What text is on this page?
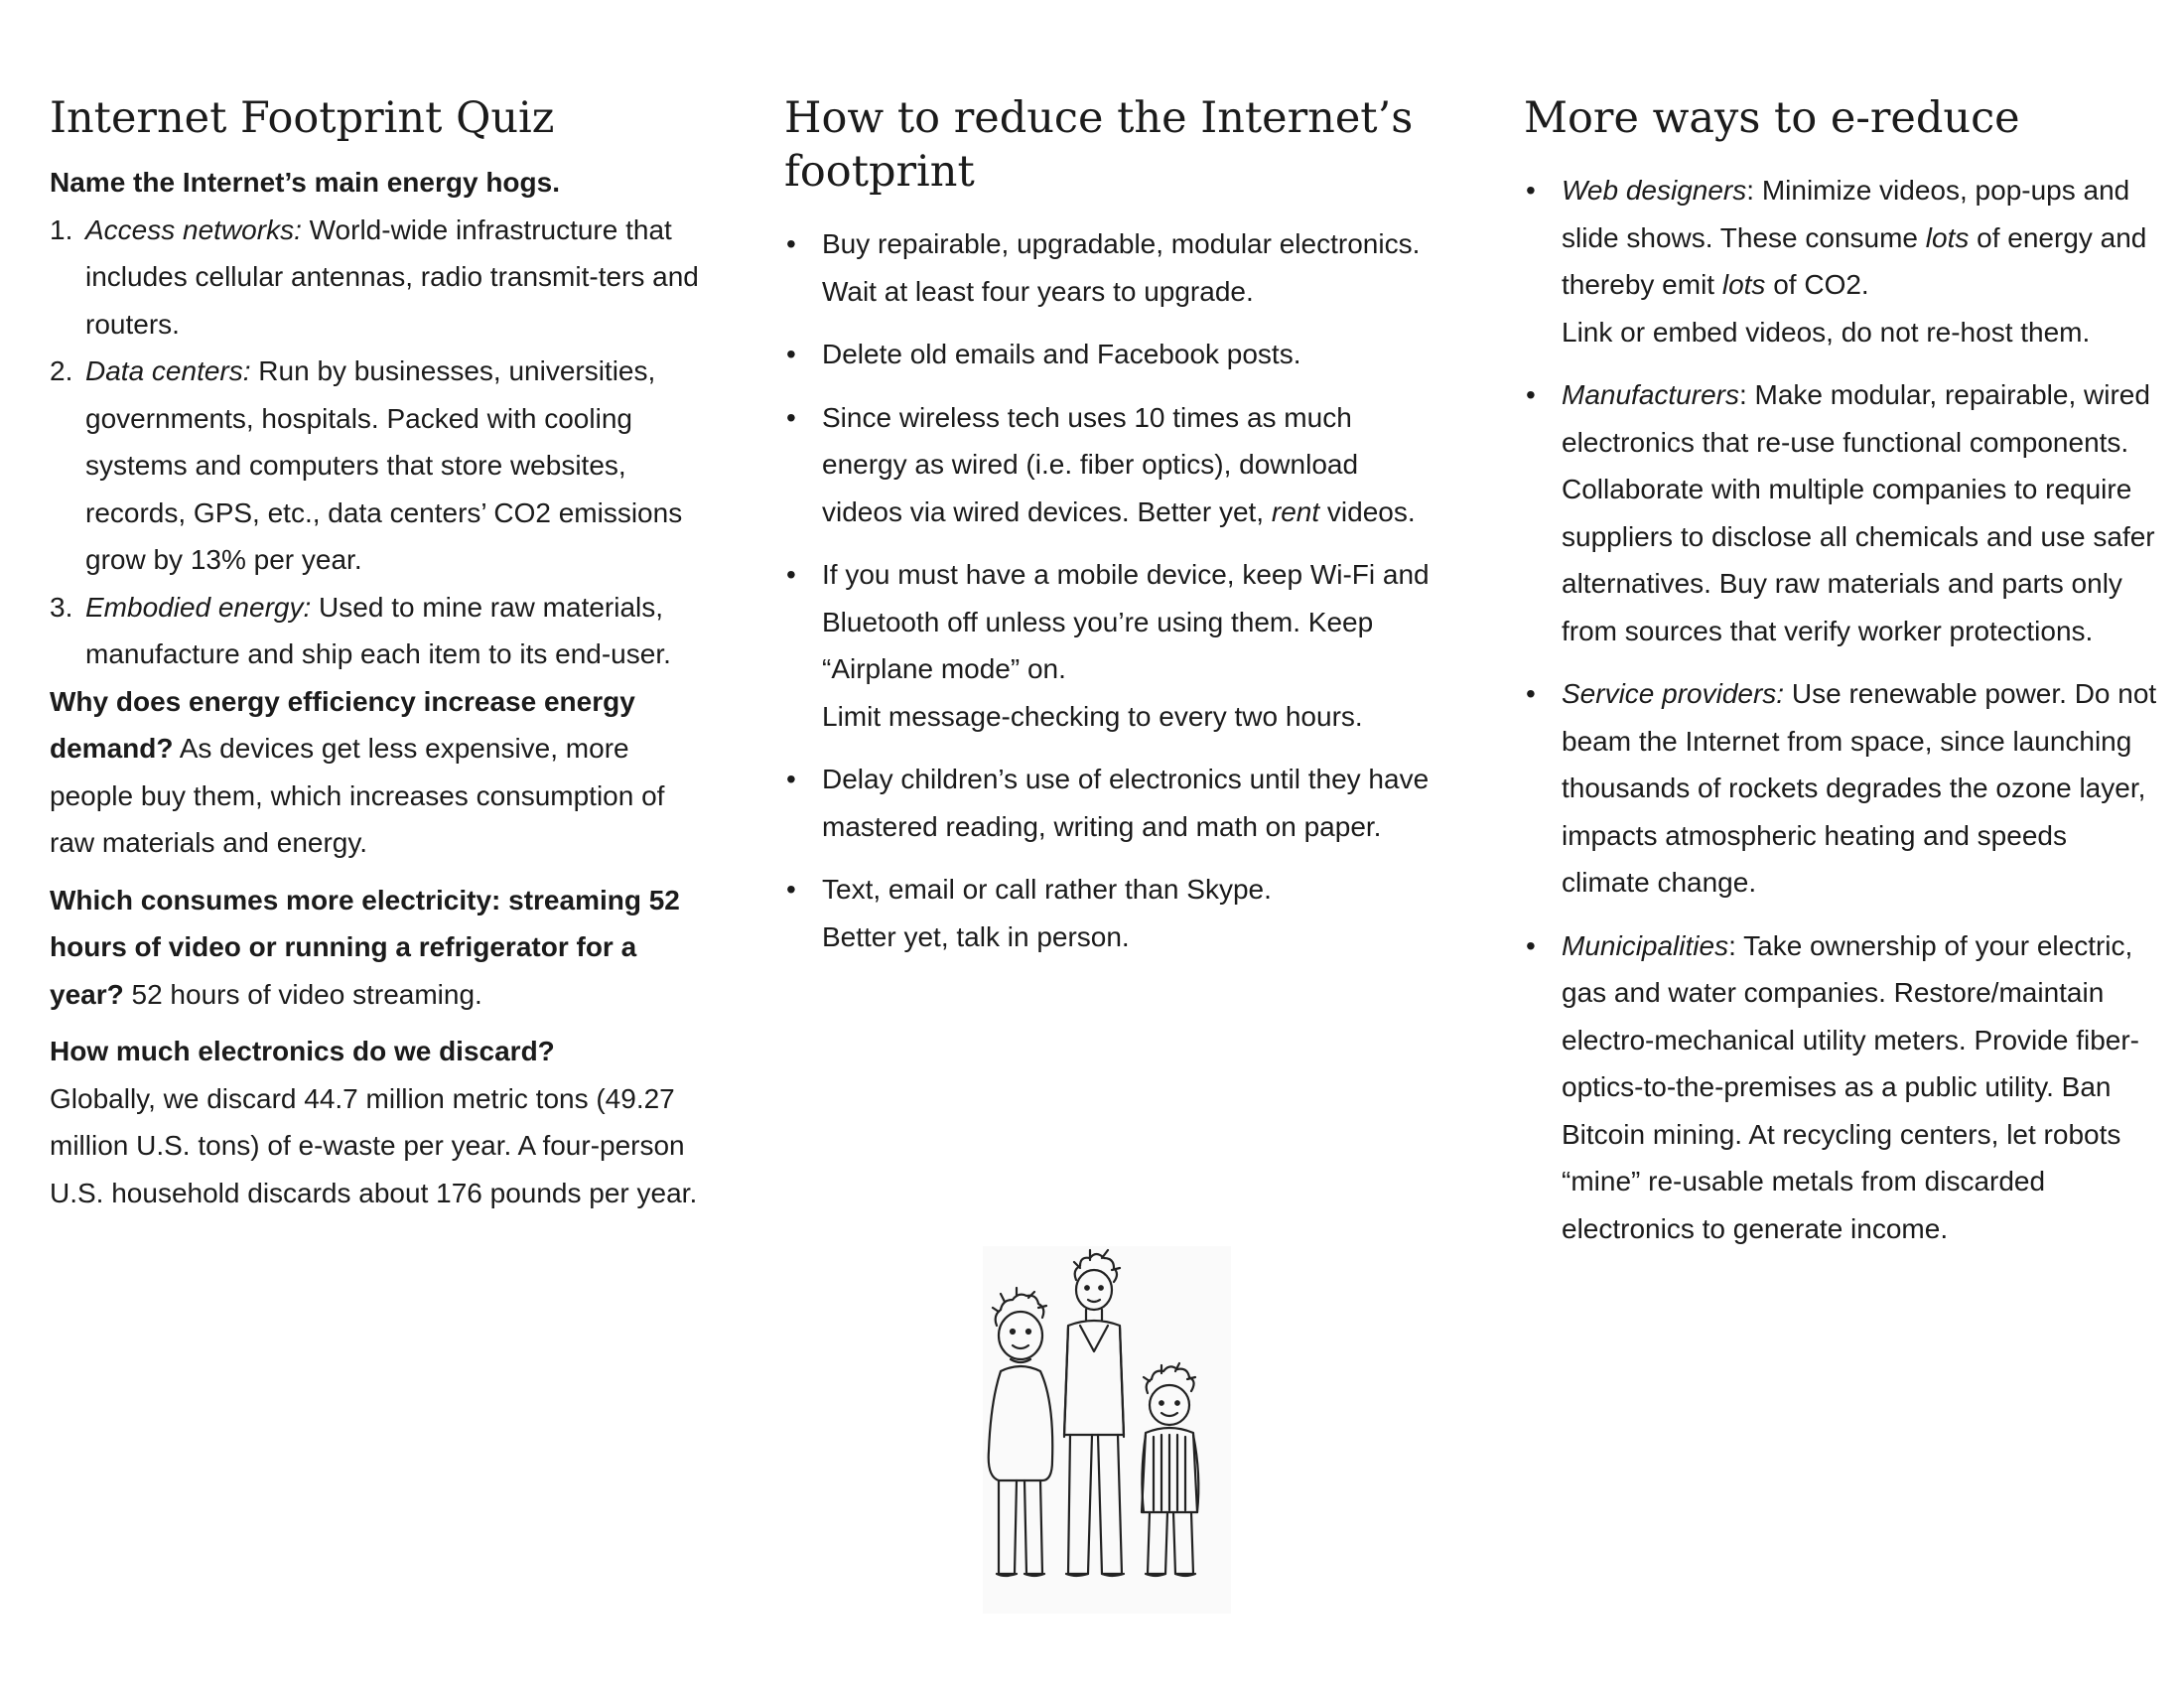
Internet Footprint Quiz

Name the Internet’s main energy hogs.

1. Access networks: World-wide infrastructure that includes cellular antennas, radio transmit-ters and routers.
2. Data centers: Run by businesses, universities, governments, hospitals. Packed with cooling systems and computers that store websites, records, GPS, etc., data centers’ CO2 emissions grow by 13% per year.
3. Embodied energy: Used to mine raw materials, manufacture and ship each item to its end-user.

Why does energy efficiency increase energy demand? As devices get less expensive, more people buy them, which increases consumption of raw materials and energy.

Which consumes more electricity: streaming 52 hours of video or running a refrigerator for a year? 52 hours of video streaming.

How much electronics do we discard?

Globally, we discard 44.7 million metric tons (49.27 million U.S. tons) of e-waste per year. A four-person U.S. household discards about 176 pounds per year.

How to reduce the Internet’s footprint
• Buy repairable, upgradable, modular electronics. Wait at least four years to upgrade.
• Delete old emails and Facebook posts.
• Since wireless tech uses 10 times as much energy as wired (i.e. fiber optics), download videos via wired devices. Better yet, rent videos.
• If you must have a mobile device, keep Wi-Fi and Bluetooth off unless you’re using them. Keep “Airplane mode” on.
Limit message-checking to every two hours.
• Delay children’s use of electronics until they have mastered reading, writing and math on paper.
• Text, email or call rather than Skype.
Better yet, talk in person.
More ways to e-reduce
• Web designers: Minimize videos, pop-ups and slide shows. These consume lots of energy and thereby emit lots of CO2.
Link or embed videos, do not re-host them.
• Manufacturers: Make modular, repairable, wired electronics that re-use functional components. Collaborate with multiple companies to require suppliers to disclose all chemicals and use safer alternatives. Buy raw materials and parts only from sources that verify worker protections.
• Service providers: Use renewable power. Do not beam the Internet from space, since launching thousands of rockets degrades the ozone layer, impacts atmospheric heating and speeds climate change.
• Municipalities: Take ownership of your electric, gas and water companies. Restore/maintain electro-mechanical utility meters. Provide fiber-optics-to-the-premises as a public utility. Ban Bitcoin mining. At recycling centers, let robots “mine” re-usable metals from discarded electronics to generate income.
